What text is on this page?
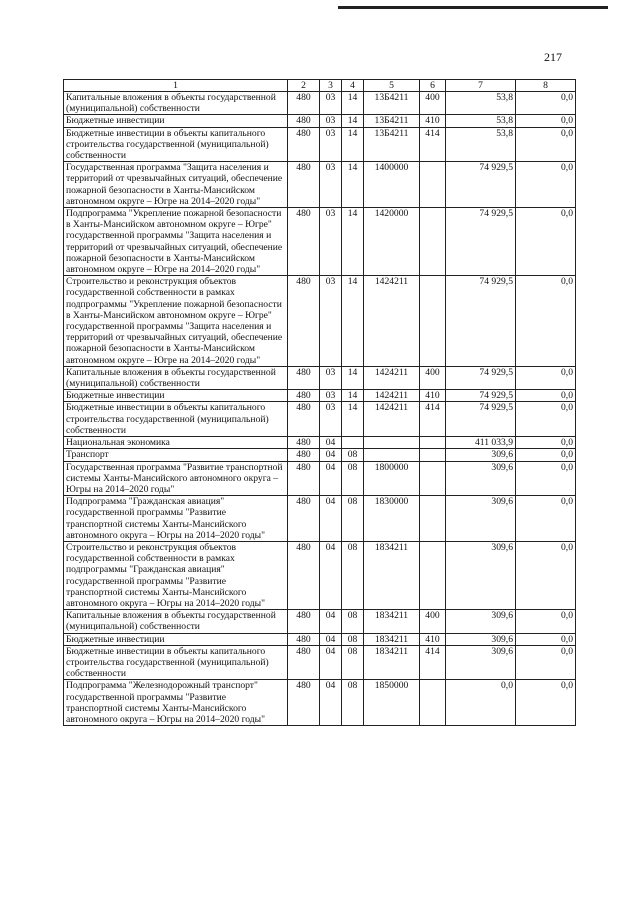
217
1	2	3	4	5	6	7	8
Капитальные вложения в объекты государственной (муниципальной) собственности	480	03	14	13Б4211	400	53,8	0,0
Бюджетные инвестиции	480	03	14	13Б4211	410	53,8	0,0
Бюджетные инвестиции в объекты капитального строительства государственной (муниципальной) собственности	480	03	14	13Б4211	414	53,8	0,0
Государственная программа "Защита населения и территорий от чрезвычайных ситуаций, обеспечение пожарной безопасности в Ханты-Мансийском автономном округе – Югре на 2014–2020 годы"	480	03	14	1400000		74 929,5	0,0
Подпрограмма "Укрепление пожарной безопасности в Ханты-Мансийском автономном округе – Югре" государственной программы "Защита населения и территорий от чрезвычайных ситуаций, обеспечение пожарной безопасности в Ханты-Мансийском автономном округе – Югре на 2014–2020 годы"	480	03	14	1420000		74 929,5	0,0
Строительство и реконструкция объектов государственной собственности в рамках подпрограммы "Укрепление пожарной безопасности в Ханты-Мансийском автономном округе – Югре" государственной программы "Защита населения и территорий от чрезвычайных ситуаций, обеспечение пожарной безопасности в Ханты-Мансийском автономном округе – Югре на 2014–2020 годы"	480	03	14	1424211		74 929,5	0,0
Капитальные вложения в объекты государственной (муниципальной) собственности	480	03	14	1424211	400	74 929,5	0,0
Бюджетные инвестиции	480	03	14	1424211	410	74 929,5	0,0
Бюджетные инвестиции в объекты капитального строительства государственной (муниципальной) собственности	480	03	14	1424211	414	74 929,5	0,0
Национальная экономика	480	04				411 033,9	0,0
Транспорт	480	04	08			309,6	0,0
Государственная программа "Развитие транспортной системы Ханты-Мансийского автономного округа – Югры на 2014–2020 годы"	480	04	08	1800000		309,6	0,0
Подпрограмма "Гражданская авиация" государственной программы "Развитие транспортной системы Ханты-Мансийского автономного округа – Югры на 2014–2020 годы"	480	04	08	1830000		309,6	0,0
Строительство и реконструкция объектов государственной собственности в рамках подпрограммы "Гражданская авиация" государственной программы "Развитие транспортной системы Ханты-Мансийского автономного округа – Югры на 2014–2020 годы"	480	04	08	1834211		309,6	0,0
Капитальные вложения в объекты государственной (муниципальной) собственности	480	04	08	1834211	400	309,6	0,0
Бюджетные инвестиции	480	04	08	1834211	410	309,6	0,0
Бюджетные инвестиции в объекты капитального строительства государственной (муниципальной) собственности	480	04	08	1834211	414	309,6	0,0
Подпрограмма "Железнодорожный транспорт" государственной программы "Развитие транспортной системы Ханты-Мансийского автономного округа – Югры на 2014–2020 годы"	480	04	08	1850000		0,0	0,0
